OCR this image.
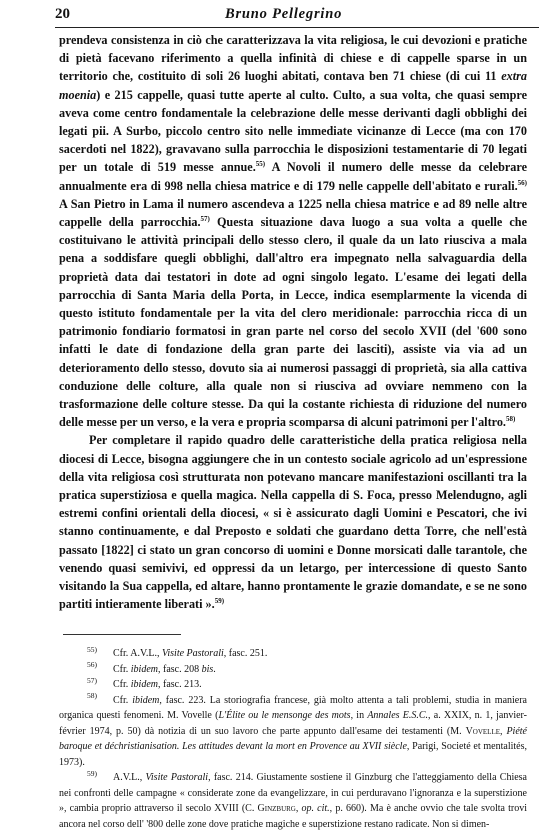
20	Bruno Pellegrino

prendeva consistenza in ciò che caratterizzava la vita religiosa, le cui devozioni e pratiche di pietà facevano riferimento a quella infinità di chiese e di cappelle sparse in un territorio che, costituito di soli 26 luoghi abitati, contava ben 71 chiese (di cui 11 extra moenia) e 215 cappelle, quasi tutte aperte al culto. Culto, a sua volta, che quasi sempre aveva come centro fondamentale la celebrazione delle messe derivanti dagli obblighi dei legati pii. A Surbo, piccolo centro sito nelle immediate vicinanze di Lecce (ma con 170 sacerdoti nel 1822), gravavano sulla parrocchia le disposizioni testamentarie di 70 legati per un totale di 519 messe annue.$^{55)}$ A Novoli il numero delle messe da celebrare annualmente era di 998 nella chiesa matrice e di 179 nelle cappelle dell'abitato e rurali.$^{56)}$ A San Pietro in Lama il numero ascendeva a 1225 nella chiesa matrice e ad 89 nelle altre cappelle della parrocchia.$^{57)}$ Questa situazione dava luogo a sua volta a quelle che costituivano le attività principali dello stesso clero, il quale da un lato riusciva a mala pena a soddisfare quegli obblighi, dall'altro era impegnato nella salvaguardia della proprietà data dai testatori in dote ad ogni singolo legato. L'esame dei legati della parrocchia di Santa Maria della Porta, in Lecce, indica esemplarmente la vicenda di questo istituto fondamentale per la vita del clero meridionale: parrocchia ricca di un patrimonio fondiario formatosi in gran parte nel corso del secolo XVII (del '600 sono infatti le date di fondazione della gran parte dei lasciti), assiste via via ad un deterioramento dello stesso, dovuto sia ai numerosi passaggi di proprietà, sia alla cattiva conduzione delle colture, alla quale non si riusciva ad ovviare nemmeno con la trasformazione delle colture stesse. Da qui la costante richiesta di riduzione del numero delle messe per un verso, e la vera e propria scomparsa di alcuni patrimoni per l'altro.$^{58)}$

Per completare il rapido quadro delle caratteristiche della pratica religiosa nella diocesi di Lecce, bisogna aggiungere che in un contesto sociale agricolo ad un'espressione della vita religiosa così strutturata non potevano mancare manifestazioni oscillanti tra la pratica superstiziosa e quella magica. Nella cappella di S. Foca, presso Melendugno, agli estremi confini orientali della diocesi, « si è assicurato dagli Uomini e Pescatori, che ivi stanno continuamente, e dal Preposto e soldati che guardano detta Torre, che nell'està passato [1822] ci stato un gran concorso di uomini e Donne morsicati dalle tarantole, che venendo quasi semivivi, ed oppressi da un letargo, per intercessione di questo Santo visitando la Sua cappella, ed altare, hanno prontamente le grazie domandate, e se ne sono partiti intieramente liberati ».$^{59)}$

55) Cfr. A.V.L., Visite Pastorali, fasc. 251.

56) Cfr. ibidem, fasc. 208 bis.

57) Cfr. ibidem, fasc. 213.

58) Cfr. ibidem, fasc. 223. La storiografia francese, già molto attenta a tali problemi, studia in maniera organica questi fenomeni. M. Vovelle (L'Élite ou le mensonge des mots, in Annales E.S.C., a. XXIX, n. 1, janvier-février 1974, p. 50) dà notizia di un suo lavoro che parte appunto dall'esame dei testamenti (M. Vovelle, Piété baroque et déchristianisation. Les attitudes devant la mort en Provence au XVII siècle, Parigi, Societé et mentalités, 1973).

59) A.V.L., Visite Pastorali, fasc. 214. Giustamente sostiene il Ginzburg che l'atteggiamento della Chiesa nei confronti delle campagne « considerate zone da evangelizzare, in cui perduravano l'ignoranza e la superstizione », cambia proprio attraverso il secolo XVIII (C. Ginzburg, op. cit., p. 660). Ma è anche ovvio che tale svolta trovi ancora nel corso dell' '800 delle zone dove pratiche magiche e superstizione restano radicate. Non si dimen-
